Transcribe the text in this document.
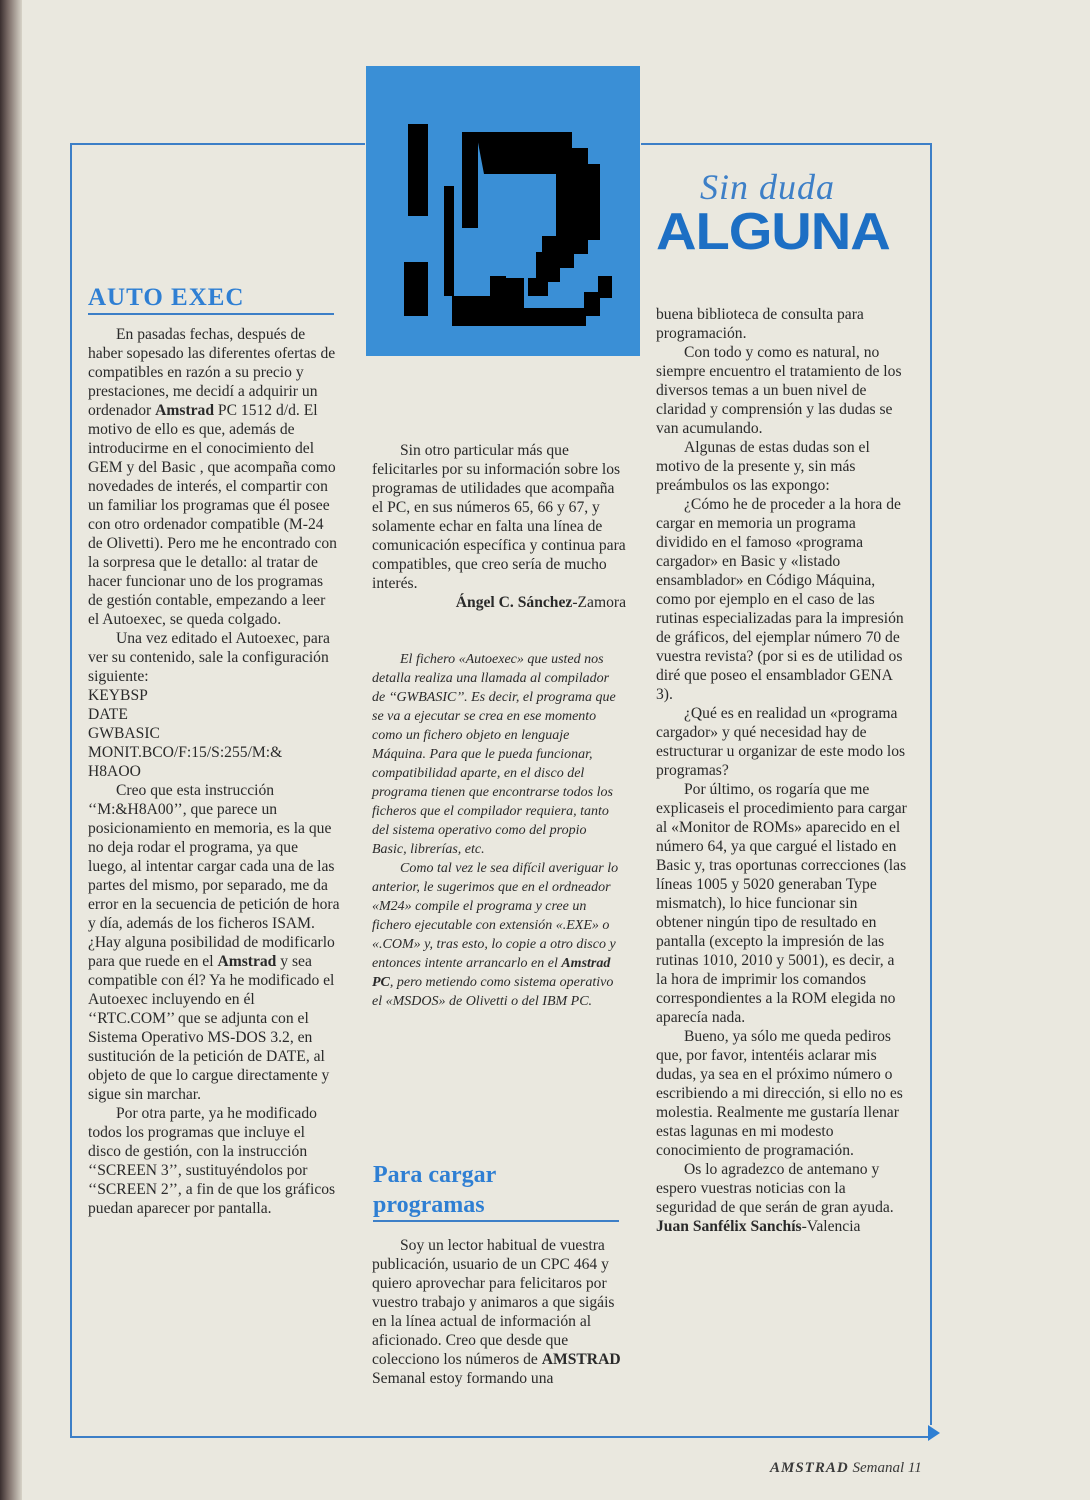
Sin duda
ALGUNA
AUTO EXEC

En pasadas fechas, después de haber sopesado las diferentes ofertas de compatibles en razón a su precio y prestaciones, me decidí a adquirir un ordenador Amstrad PC 1512 d/d. El motivo de ello es que, además de introducirme en el conocimiento del GEM y del Basic , que acompaña como novedades de interés, el compartir con un familiar los programas que él posee con otro ordenador compatible (M-24 de Olivetti). Pero me he encontrado con la sorpresa que le detallo: al tratar de hacer funcionar uno de los programas de gestión contable, empezando a leer el Autoexec, se queda colgado.

Una vez editado el Autoexec, para ver su contenido, sale la configuración siguiente:

KEYBSP

DATE

GWBASIC

MONIT.BCO/F:15/S:255/M:&

H8AOO

Creo que esta instrucción ‘‘M:&H8A00’’, que parece un posicionamiento en memoria, es la que no deja rodar el programa, ya que luego, al intentar cargar cada una de las partes del mismo, por separado, me da error en la secuencia de petición de hora y día, además de los ficheros ISAM. ¿Hay alguna posibilidad de modificarlo para que ruede en el Amstrad y sea compatible con él? Ya he modificado el Autoexec incluyendo en él ‘‘RTC.COM’’ que se adjunta con el Sistema Operativo MS-DOS 3.2, en sustitución de la petición de DATE, al objeto de que lo cargue directamente y sigue sin marchar.

Por otra parte, ya he modificado todos los programas que incluye el disco de gestión, con la instrucción ‘‘SCREEN 3’’, sustituyéndolos por ‘‘SCREEN 2’’, a fin de que los gráficos puedan aparecer por pantalla.

Sin otro particular más que felicitarles por su información sobre los programas de utilidades que acompaña el PC, en sus números 65, 66 y 67, y solamente echar en falta una línea de comunicación específica y continua para compatibles, que creo sería de mucho interés.

Ángel C. Sánchez-Zamora

El fichero «Autoexec» que usted nos detalla realiza una llamada al compilador de ‘‘GWBASIC’’. Es decir, el programa que se va a ejecutar se crea en ese momento como un fichero objeto en lenguaje Máquina. Para que le pueda funcionar, compatibilidad aparte, en el disco del programa tienen que encontrarse todos los ficheros que el compilador requiera, tanto del sistema operativo como del propio Basic, librerías, etc.

Como tal vez le sea difícil averiguar lo anterior, le sugerimos que en el ordneador «M24» compile el programa y cree un fichero ejecutable con extensión «.EXE» o «.COM» y, tras esto, lo copie a otro disco y entonces intente arrancarlo en el Amstrad PC, pero metiendo como sistema operativo el «MSDOS» de Olivetti o del IBM PC.

Para cargar
programas

Soy un lector habitual de vuestra publicación, usuario de un CPC 464 y quiero aprovechar para felicitaros por vuestro trabajo y animaros a que sigáis en la línea actual de información al aficionado. Creo que desde que colecciono los números de AMSTRAD Semanal estoy formando una

buena biblioteca de consulta para programación.

Con todo y como es natural, no siempre encuentro el tratamiento de los diversos temas a un buen nivel de claridad y comprensión y las dudas se van acumulando.

Algunas de estas dudas son el motivo de la presente y, sin más preámbulos os las expongo:

¿Cómo he de proceder a la hora de cargar en memoria un programa dividido en el famoso «programa cargador» en Basic y «listado ensamblador» en Código Máquina, como por ejemplo en el caso de las rutinas especializadas para la impresión de gráficos, del ejemplar número 70 de vuestra revista? (por si es de utilidad os diré que poseo el ensamblador GENA 3).

¿Qué es en realidad un «programa cargador» y qué necesidad hay de estructurar u organizar de este modo los programas?

Por último, os rogaría que me explicaseis el procedimiento para cargar al «Monitor de ROMs» aparecido en el número 64, ya que cargué el listado en Basic y, tras oportunas correcciones (las líneas 1005 y 5020 generaban Type mismatch), lo hice funcionar sin obtener ningún tipo de resultado en pantalla (excepto la impresión de las rutinas 1010, 2010 y 5001), es decir, a la hora de imprimir los comandos correspondientes a la ROM elegida no aparecía nada.

Bueno, ya sólo me queda pediros que, por favor, intentéis aclarar mis dudas, ya sea en el próximo número o escribiendo a mi dirección, si ello no es molestia. Realmente me gustaría llenar estas lagunas en mi modesto conocimiento de programación.

Os lo agradezco de antemano y espero vuestras noticias con la seguridad de que serán de gran ayuda.

Juan Sanfélix Sanchís-Valencia

AMSTRAD Semanal 11
